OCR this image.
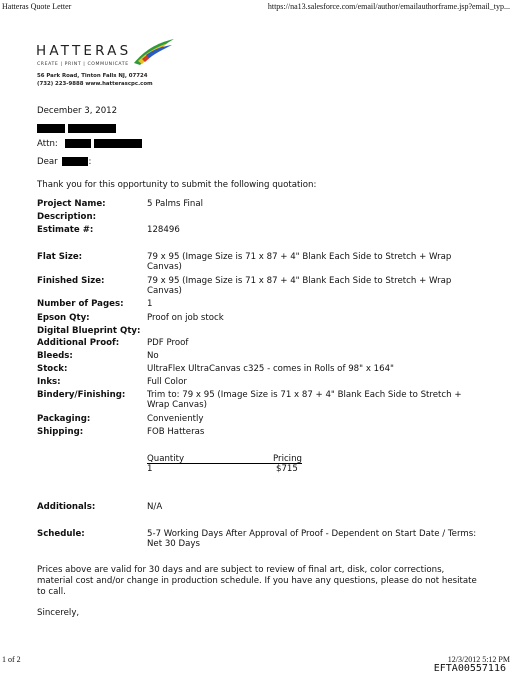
Hatteras Quote Letter	https://na13.salesforce.com/email/author/emailauthorframe.jsp?email_typ...
HATTERAS
CREATE | PRINT | COMMUNICATE
56 Park Road, Tinton Falls NJ, 07724
(732) 223-9888 www.hatterascpc.com
December 3, 2012
Attn:
Dear	:
Thank you for this opportunity to submit the following quotation:
Project Name:	5 Palms Final
Description:
Estimate #:	128496
Flat Size:	79 x 95 (Image Size is 71 x 87 + 4" Blank Each Side to Stretch + Wrap Canvas)
Finished Size:	79 x 95 (Image Size is 71 x 87 + 4" Blank Each Side to Stretch + Wrap Canvas)
Number of Pages:	1
Epson Qty:	Proof on job stock
Digital Blueprint Qty:
Additional Proof:	PDF Proof
Bleeds:	No
Stock:	UltraFlex UltraCanvas c325 - comes in Rolls of 98" x 164"
Inks:	Full Color
Bindery/Finishing:	Trim to: 79 x 95 (Image Size is 71 x 87 + 4" Blank Each Side to Stretch + Wrap Canvas)
Packaging:	Conveniently
Shipping:	FOB Hatteras
Quantity	Pricing
1	$715
Additionals:	N/A
Schedule:	5-7 Working Days After Approval of Proof - Dependent on Start Date / Terms: Net 30 Days
Prices above are valid for 30 days and are subject to review of final art, disk, color corrections, material cost and/or change in production schedule. If you have any questions, please do not hesitate to call.
Sincerely,
1 of 2	12/3/2012 5:12 PM
EFTA00557116
